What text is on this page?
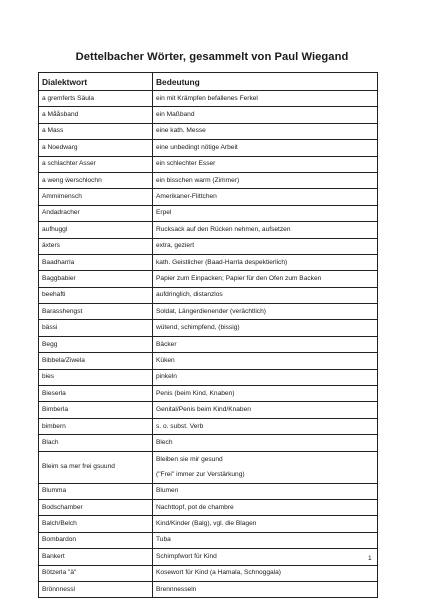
Dettelbacher Wörter, gesammelt von Paul Wiegand
Dialektwort	Bedeutung
a gremferts Säula	ein mit Krämpfen befallenes Ferkel
a Mååsband	ein Maßband
a Mass	eine kath. Messe
a Noedwarg	eine unbedingt nötige Arbeit
a schlachter Asser	ein schlechter Esser
a weng ẅerschlochn	ein bisschen warm (Zimmer)
Ammimensch	Amerikaner-Flittchen
Andadracher	Erpel
aufhuggl	Rucksack auf den Rücken nehmen, aufsetzen
äxters	extra, geziert
Baadharrla	kath. Geistlicher (Baad-Harrla despektierlich)
Baggbabier	Papier zum Einpacken; Papier für den Ofen zum Backen
beehafti	aufdringlich, distanzlos
Barasshengst	Soldat, Längerdienender (verächtlich)
bässi	wütend, schimpfend, (bissig)
Begg	Bäcker
Bibbela/Ziwela	Küken
bies	pinkeln
Bieserla	Penis (beim Kind, Knaben)
Bimberla	Genital/Penis beim Kind/Knaben
bimbern	s. o. subst. Verb
Blach	Blech
Bleim sa mer frei gsuund	Bleiben sie mir gesund
("Frei" immer zur Verstärkung)

Blumma	Blumen
Bodschamber	Nachttopf, pot de chambre
Balch/Belch	Kind/Kinder (Balg), vgl. die Blagen
Bombardon	Tuba
Bankert	Schimpfwort für Kind
Bötzerla "ä"	Kosewort für Kind (a Hamala, Schnoggala)
Brönnnessl	Brennnesseln
1
